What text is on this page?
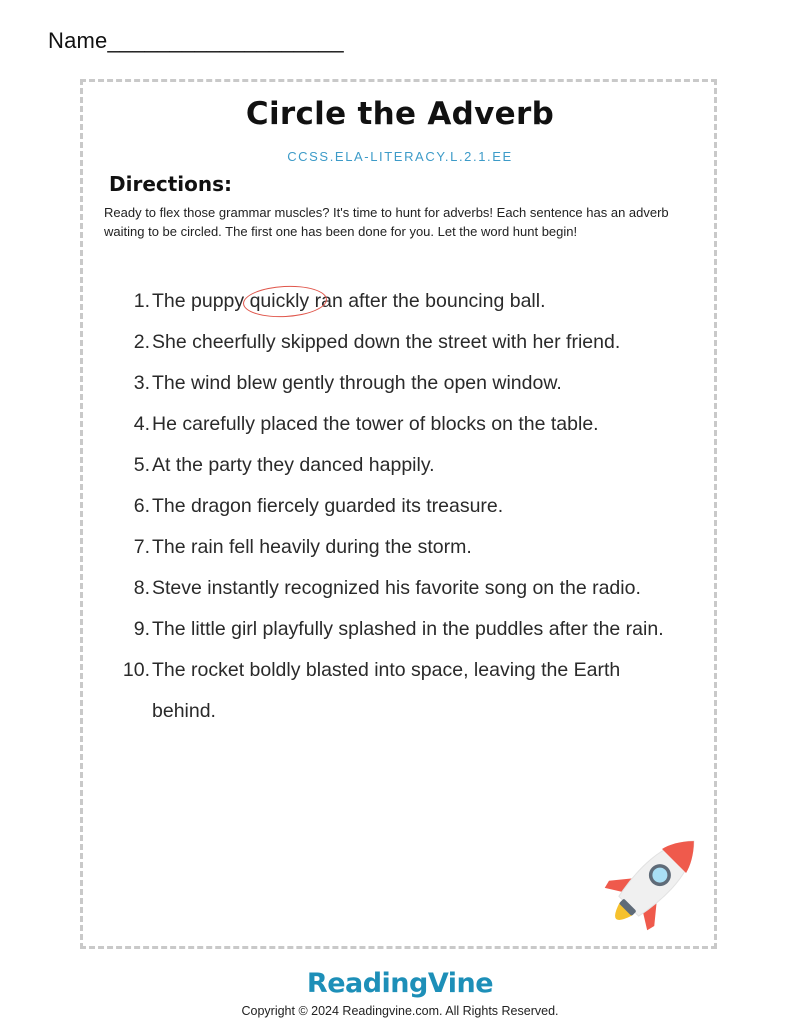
Name___________________
Circle the Adverb
CCSS.ELA-LITERACY.L.2.1.EE
Directions:
Ready to flex those grammar muscles? It's time to hunt for adverbs! Each sentence has an adverb waiting to be circled. The first one has been done for you. Let the word hunt begin!
1. The puppy
quickly ran after the bouncing ball.
2. She cheerfully skipped down the street with her friend.
3. The wind blew gently through the open window.
4. He carefully placed the tower of blocks on the table.
5. At the party they danced happily.
6. The dragon fiercely guarded its treasure.
7. The rain fell heavily during the storm.
8. Steve instantly recognized his favorite song on the radio.
9. The little girl playfully splashed in the puddles after the rain.
10. The rocket boldly blasted into space, leaving the Earth behind.
ReadingVine
Copyright © 2024 Readingvine.com. All Rights Reserved.
